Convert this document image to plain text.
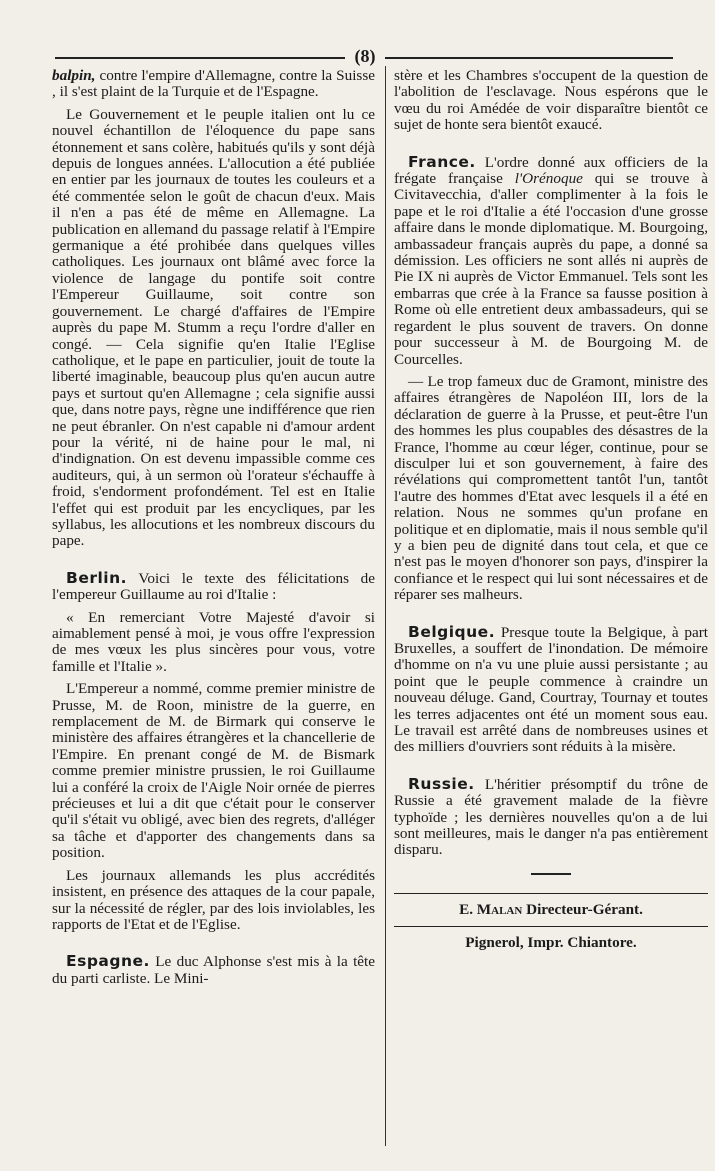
(8)

balpin, contre l'empire d'Allemagne, contre la Suisse , il s'est plaint de la Turquie et de l'Espagne.

Le Gouvernement et le peuple italien ont lu ce nouvel échantillon de l'éloquence du pape sans étonnement et sans colère, habitués qu'ils y sont déjà depuis de longues années. L'allocution a été publiée en entier par les journaux de toutes les couleurs et a été commentée selon le goût de chacun d'eux. Mais il n'en a pas été de même en Allemagne. La publication en allemand du passage relatif à l'Empire germanique a été prohibée dans quelques villes catholiques. Les journaux ont blâmé avec force la violence de langage du pontife soit contre l'Empereur Guillaume, soit contre son gouvernement. Le chargé d'affaires de l'Empire auprès du pape M. Stumm a reçu l'ordre d'aller en congé. — Cela signifie qu'en Italie l'Eglise catholique, et le pape en particulier, jouit de toute la liberté imaginable, beaucoup plus qu'en aucun autre pays et surtout qu'en Allemagne ; cela signifie aussi que, dans notre pays, règne une indifférence que rien ne peut ébranler. On n'est capable ni d'amour ardent pour la vérité, ni de haine pour le mal, ni d'indignation. On est devenu impassible comme ces auditeurs, qui, à un sermon où l'orateur s'échauffe à froid, s'endorment profondément. Tel est en Italie l'effet qui est produit par les encycliques, par les syllabus, les allocutions et les nombreux discours du pape.

Berlin. Voici le texte des félicitations de l'empereur Guillaume au roi d'Italie :

« En remerciant Votre Majesté d'avoir si aimablement pensé à moi, je vous offre l'expression de mes vœux les plus sincères pour vous, votre famille et l'Italie ».

L'Empereur a nommé, comme premier ministre de Prusse, M. de Roon, ministre de la guerre, en remplacement de M. de Birmark qui conserve le ministère des affaires étrangères et la chancellerie de l'Empire. En prenant congé de M. de Bismark comme premier ministre prussien, le roi Guillaume lui a conféré la croix de l'Aigle Noir ornée de pierres précieuses et lui a dit que c'était pour le conserver qu'il s'était vu obligé, avec bien des regrets, d'alléger sa tâche et d'apporter des changements dans sa position.

Les journaux allemands les plus accrédités insistent, en présence des attaques de la cour papale, sur la nécessité de régler, par des lois inviolables, les rapports de l'Etat et de l'Eglise.

Espagne. Le duc Alphonse s'est mis à la tête du parti carliste. Le Mini-

stère et les Chambres s'occupent de la question de l'abolition de l'esclavage. Nous espérons que le vœu du roi Amédée de voir disparaître bientôt ce sujet de honte sera bientôt exaucé.

France. L'ordre donné aux officiers de la frégate française l'Orénoque qui se trouve à Civitavecchia, d'aller complimenter à la fois le pape et le roi d'Italie a été l'occasion d'une grosse affaire dans le monde diplomatique. M. Bourgoing, ambassadeur français auprès du pape, a donné sa démission. Les officiers ne sont allés ni auprès de Pie IX ni auprès de Victor Emmanuel. Tels sont les embarras que crée à la France sa fausse position à Rome où elle entretient deux ambassadeurs, qui se regardent le plus souvent de travers. On donne pour successeur à M. de Bourgoing M. de Courcelles.

— Le trop fameux duc de Gramont, ministre des affaires étrangères de Napoléon III, lors de la déclaration de guerre à la Prusse, et peut-être l'un des hommes les plus coupables des désastres de la France, l'homme au cœur léger, continue, pour se disculper lui et son gouvernement, à faire des révélations qui compromettent tantôt l'un, tantôt l'autre des hommes d'Etat avec lesquels il a été en relation. Nous ne sommes qu'un profane en politique et en diplomatie, mais il nous semble qu'il y a bien peu de dignité dans tout cela, et que ce n'est pas le moyen d'honorer son pays, d'inspirer la confiance et le respect qui lui sont nécessaires et de réparer ses malheurs.

Belgique. Presque toute la Belgique, à part Bruxelles, a souffert de l'inondation. De mémoire d'homme on n'a vu une pluie aussi persistante ; au point que le peuple commence à craindre un nouveau déluge. Gand, Courtray, Tournay et toutes les terres adjacentes ont été un moment sous eau. Le travail est arrêté dans de nombreuses usines et des milliers d'ouvriers sont réduits à la misère.

Russie. L'héritier présomptif du trône de Russie a été gravement malade de la fièvre typhoïde ; les dernières nouvelles qu'on a de lui sont meilleures, mais le danger n'a pas entièrement disparu.

E. Malan Directeur-Gérant.
Pignerol, Impr. Chiantore.
